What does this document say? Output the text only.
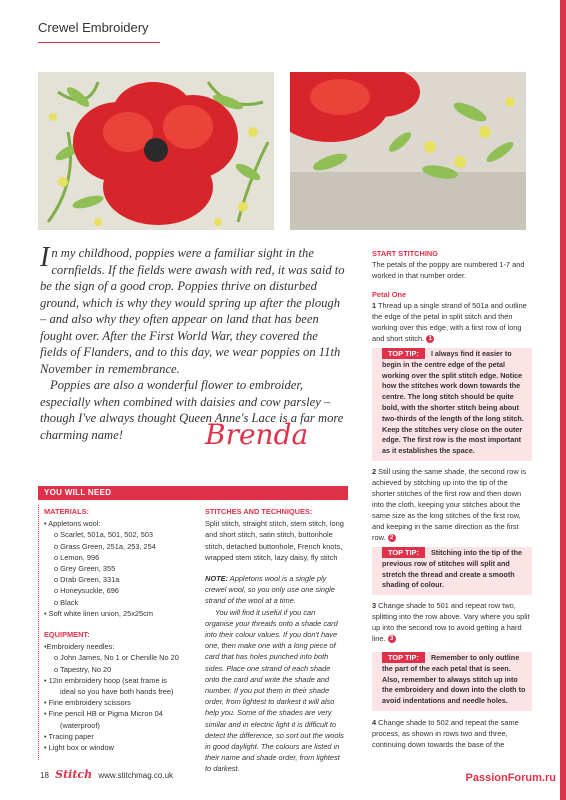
Crewel Embroidery

In my childhood, poppies were a familiar sight in the cornfields. If the fields were awash with red, it was said to be the sign of a good crop. Poppies thrive on disturbed ground, which is why they would spring up after the plough – and also why they often appear on land that has been fought over. After the First World War, they covered the fields of Flanders, and to this day, we wear poppies on 11th November in remembrance.

Poppies are also a wonderful flower to embroider, especially when combined with daisies and cow parsley – though I've always thought Queen Anne's Lace is a far more charming name!	Brenda
YOU WILL NEED
MATERIALS:
• Appletons wool:
o Scarlet, 501a, 501, 502, 503
o Grass Green, 251a, 253, 254
o Lemon, 996
o Grey Green, 355
o Drab Green, 331a
o Honeysuckle, 696
o Black
• Soft white linen union, 25x25cm
EQUIPMENT:
•Embroidery needles:
o John James, No 1 or Chenille No 20
o Tapestry, No 20
• 12in embroidery hoop (seat frame is
ideal so you have both hands free)
• Fine embroidery scissors
• Fine pencil HB or Pigma Micron 04
(waterproof)
• Tracing paper
• Light box or window
STITCHES AND TECHNIQUES:

Split stitch, straight stitch, stem stitch, long and short stitch, satin stitch, buttonhole stitch, detached buttonhole, French knots, wrapped stem stitch, lazy daisy, fly stitch

NOTE: Appletons wool is a single ply crewel wool, so you only use one single strand of the wool at a time.

You will find it useful if you can organise your threads onto a shade card into their colour values. If you don't have one, then make one with a long piece of card that has holes punched into both sides. Place one strand of each shade onto the card and write the shade and number. If you put them in their shade order, from lightest to darkest it will also help you. Some of the shades are very similar and in electric light it is difficult to detect the difference, so sort out the wools in good daylight. The colours are listed in their name and shade order, from lightest to darkest.

START STITCHING

The petals of the poppy are numbered 1-7 and worked in that number order.

Petal One

1 Thread up a single strand of 501a and outline the edge of the petal in split stitch and then working over this edge, with a first row of long and short stitch. 1

TOP TIP: I always find it easier to begin in the centre edge of the petal working over the split stitch edge. Notice how the stitches work down towards the centre. The long stitch should be quite bold, with the shorter stitch being about two-thirds of the length of the long stitch. Keep the stitches very close on the outer edge. The first row is the most important as it establishes the space.

2 Still using the same shade, the second row is achieved by stitching up into the tip of the shorter stitches of the first row and then down into the cloth, keeping your stitches about the same size as the long stitches of the first row, and keeping in the same direction as the first row. 2

TOP TIP: Stitching into the tip of the previous row of stitches will split and stretch the thread and create a smooth shading of colour.

3 Change shade to 501 and repeat row two, splitting into the row above. Vary where you split up into the second row to avoid getting a hard line. 3

TOP TIP: Remember to only outline the part of the each petal that is seen. Also, remember to always stitch up into the embroidery and down into the cloth to avoid indentations and needle holes.

4 Change shade to 502 and repeat the same process, as shown in rows two and three, continuing down towards the base of the

18 Stitch www.stitchmag.co.uk	PassionForum.ru
